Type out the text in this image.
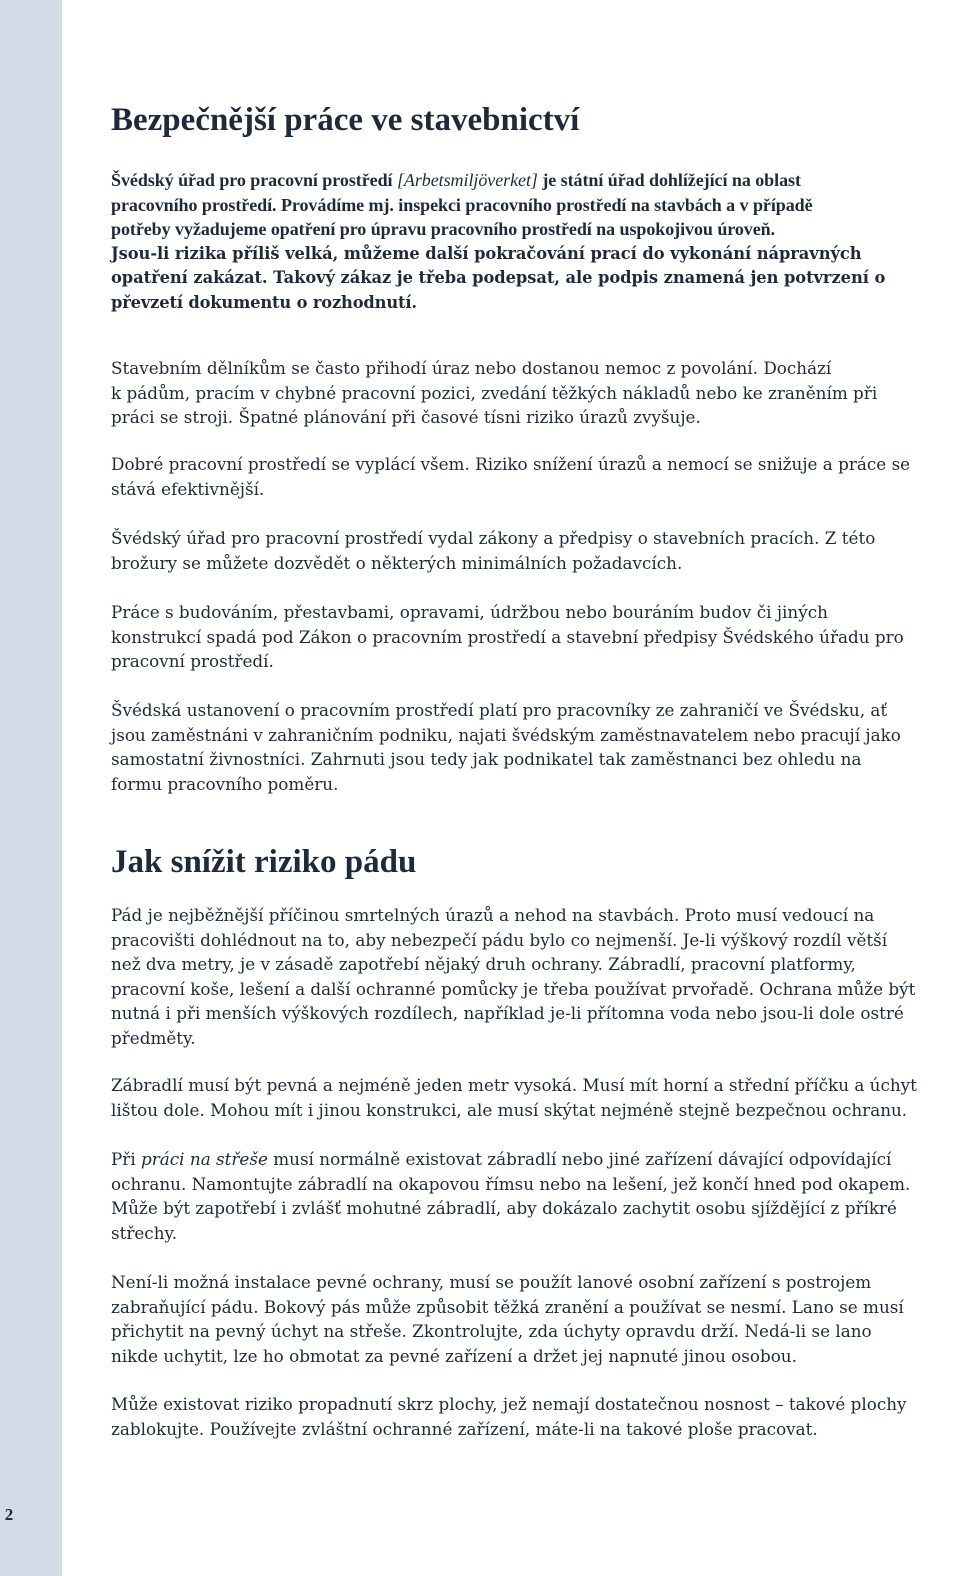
2
Bezpečnější práce ve stavebnictví
Švédský úřad pro pracovní prostředí [Arbetsmiljöverket] je státní úřad dohlížející na oblast
pracovního prostředí. Provádíme mj. inspekci pracovního prostředí na stavbách a v případě
potřeby vyžadujeme opatření pro úpravu pracovního prostředí na uspokojivou úroveň.
Jsou-li rizika příliš velká, můžeme další pokračování prací do vykonání nápravných
opatření zakázat. Takový zákaz je třeba podepsat, ale podpis znamená jen potvrzení o
převzetí dokumentu o rozhodnutí.
Stavebním dělníkům se často přihodí úraz nebo dostanou nemoc z povolání. Dochází
k pádům, pracím v chybné pracovní pozici, zvedání těžkých nákladů nebo ke zraněním při
práci se stroji. Špatné plánování při časové tísni riziko úrazů zvyšuje.
Dobré pracovní prostředí se vyplácí všem. Riziko snížení úrazů a nemocí se snižuje a práce se
stává efektivnější.
Švédský úřad pro pracovní prostředí vydal zákony a předpisy o stavebních pracích. Z této
brožury se můžete dozvědět o některých minimálních požadavcích.
Práce s budováním, přestavbami, opravami, údržbou nebo bouráním budov či jiných
konstrukcí spadá pod Zákon o pracovním prostředí a stavební předpisy Švédského úřadu pro
pracovní prostředí.
Švédská ustanovení o pracovním prostředí platí pro pracovníky ze zahraničí ve Švédsku, ať
jsou zaměstnáni v zahraničním podniku, najati švédským zaměstnavatelem nebo pracují jako
samostatní živnostníci. Zahrnuti jsou tedy jak podnikatel tak zaměstnanci bez ohledu na
formu pracovního poměru.
Jak snížit riziko pádu
Pád je nejběžnější příčinou smrtelných úrazů a nehod na stavbách. Proto musí vedoucí na
pracovišti dohlédnout na to, aby nebezpečí pádu bylo co nejmenší. Je-li výškový rozdíl větší
než dva metry, je v zásadě zapotřebí nějaký druh ochrany. Zábradlí, pracovní platformy,
pracovní koše, lešení a další ochranné pomůcky je třeba používat prvořadě. Ochrana může být
nutná i při menších výškových rozdílech, například je-li přítomna voda nebo jsou-li dole ostré
předměty.
Zábradlí musí být pevná a nejméně jeden metr vysoká. Musí mít horní a střední příčku a úchyt
lištou dole. Mohou mít i jinou konstrukci, ale musí skýtat nejméně stejně bezpečnou ochranu.
Při práci na střeše musí normálně existovat zábradlí nebo jiné zařízení dávající odpovídající
ochranu. Namontujte zábradlí na okapovou římsu nebo na lešení, jež končí hned pod okapem.
Může být zapotřebí i zvlášť mohutné zábradlí, aby dokázalo zachytit osobu sjíždějící z příkré
střechy.
Není-li možná instalace pevné ochrany, musí se použít lanové osobní zařízení s postrojem
zabraňující pádu. Bokový pás může způsobit těžká zranění a používat se nesmí. Lano se musí
přichytit na pevný úchyt na střeše. Zkontrolujte, zda úchyty opravdu drží. Nedá-li se lano
nikde uchytit, lze ho obmotat za pevné zařízení a držet jej napnuté jinou osobou.
Může existovat riziko propadnutí skrz plochy, jež nemají dostatečnou nosnost – takové plochy
zablokujte. Používejte zvláštní ochranné zařízení, máte-li na takové ploše pracovat.
